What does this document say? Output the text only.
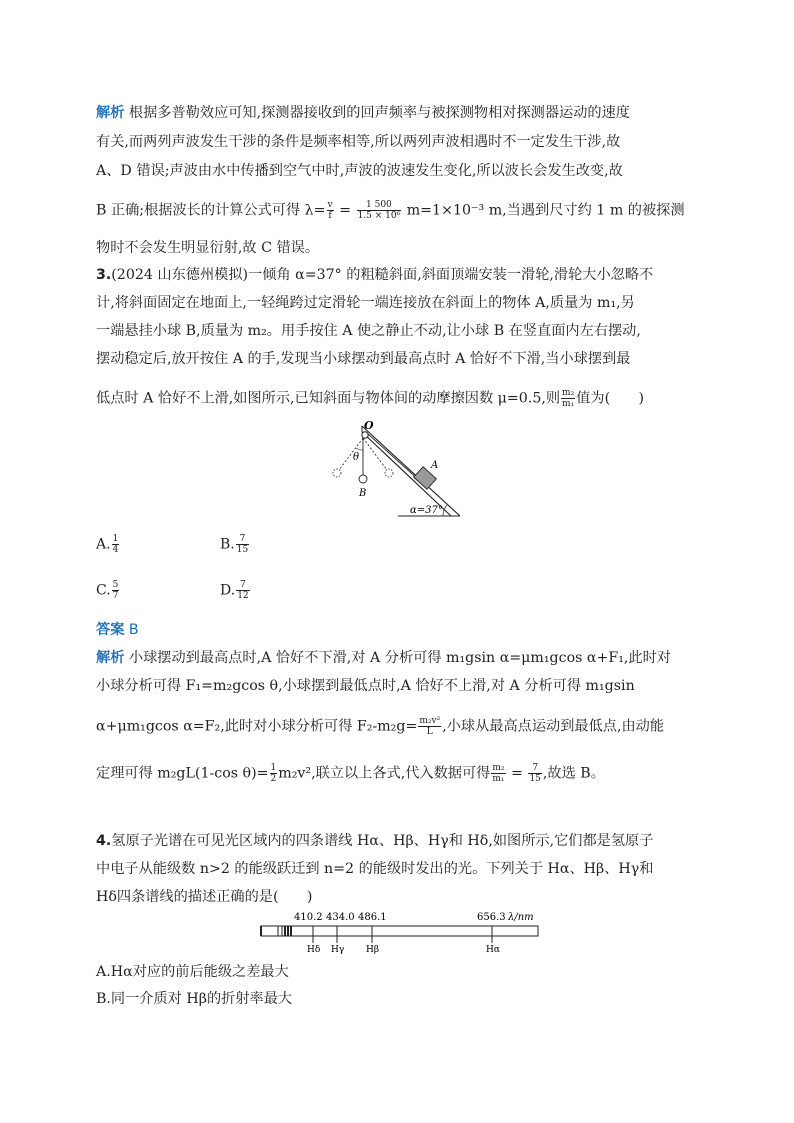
解析 根据多普勒效应可知,探测器接收到的回声频率与被探测物相对探测器运动的速度
有关,而两列声波发生干涉的条件是频率相等,所以两列声波相遇时不一定发生干涉,故
A、D 错误;声波由水中传播到空气中时,声波的波速发生变化,所以波长会发生改变,故
B 正确;根据波长的计算公式可得 $\lambda= \frac{v}{f} = \frac{1 500}{\text{1.5 × 10⁶}} m=1\times 10^{-3}$ m,当遇到尺寸约 1 m 的被探测
物时不会发生明显衍射,故 C 错误。
3.(2024 山东德州模拟)一倾角 α=37° 的粗糙斜面,斜面顶端安装一滑轮,滑轮大小忽略不
计,将斜面固定在地面上,一轻绳跨过定滑轮一端连接放在斜面上的物体 A,质量为 m₁,另
一端悬挂小球 B,质量为 m₂。用手按住 A 使之静止不动,让小球 B 在竖直面内左右摆动,
摆动稳定后,放开按住 A 的手,发现当小球摆动到最高点时 A 恰好不下滑,当小球摆到最
低点时 A 恰好不上滑,如图所示,已知斜面与物体间的动摩擦因数 μ=0.5,则 $\frac{\text{m₂}}{\text{m₁}}$ 值为(　　)
O
θ
B
A
α=37°
A. $\frac{1}{4}$	B. $\frac{7}{15}$
C. $\frac{5}{7}$	D. $\frac{7}{12}$
答案 B
解析 小球摆动到最高点时,A 恰好不下滑,对 A 分析可得 m₁gsin α=μm₁gcos α+F₁,此时对
小球分析可得 F₁=m₂gcos θ,小球摆到最低点时,A 恰好不上滑,对 A 分析可得 m₁gsin
α+μm₁gcos α=F₂,此时对小球分析可得 $F_2-m_2g= \frac{\text{m₂v²}}{L}$ ,小球从最高点运动到最低点,由动能
定理可得 m₂gL(1-cos $\theta)= \frac{1}{2} m_2v^2$,联立以上各式,代入数据可得 $\frac{\text{m₂}}{\text{m₁}} = \frac{7}{15}$ ,故选 B。
4.氢原子光谱在可见光区域内的四条谱线 Hα、Hβ、Hγ和 Hδ,如图所示,它们都是氢原子
中电子从能级数 n>2 的能级跃迁到 n=2 的能级时发出的光。下列关于 Hα、Hβ、Hγ和
Hδ四条谱线的描述正确的是(　　)
410.2 434.0 486.1	656.3 λ/nm
Hδ Hγ Hβ	Hα
A.Hα对应的前后能级之差最大
B.同一介质对 Hβ的折射率最大
